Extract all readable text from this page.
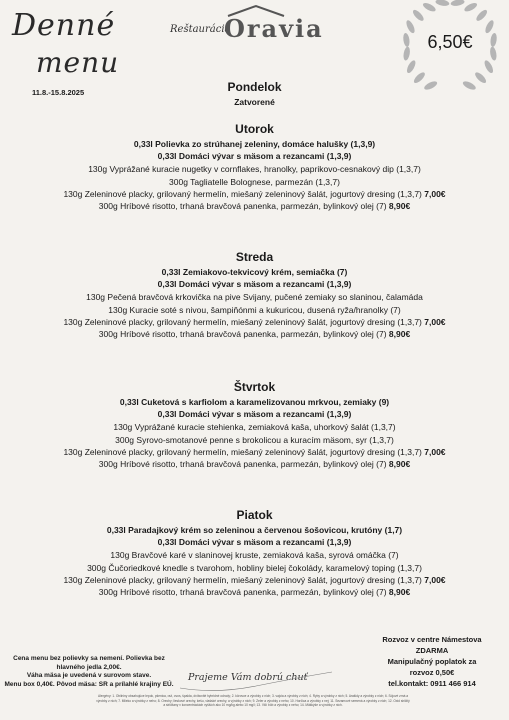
Denné
menu
11.8.-15.8.2025
Reštaurácia
Oravia	6,50€
Pondelok
Zatvorené
Utorok
0,33l Polievka zo strúhanej zeleniny, domáce halušky (1,3,9)
0,33l Domáci vývar s mäsom a rezancami (1,3,9)
130g Vyprážané kuracie nugetky v cornflakes, hranolky, paprikovo-cesnakový dip (1,3,7)
300g Tagliatelle Bolognese, parmezán (1,3,7)
130g Zeleninové placky, grilovaný hermelín, miešaný zeleninový šalát, jogurtový dresing (1,3,7) 7,00€
300g Hríbové risotto, trhaná bravčová panenka, parmezán, bylinkový olej (7) 8,90€
Streda
0,33l Zemiakovo-tekvicový krém, semiačka (7)
0,33l Domáci vývar s mäsom a rezancami (1,3,9)
130g Pečená bravčová krkovička na pive Svijany, pučené zemiaky so slaninou, čalamáda
130g Kuracie soté s nivou, šampiňónmi a kukuricou, dusená ryža/hranolky (7)
130g Zeleninové placky, grilovaný hermelín, miešaný zeleninový šalát, jogurtový dresing (1,3,7) 7,00€
300g Hríbové risotto, trhaná bravčová panenka, parmezán, bylinkový olej (7) 8,90€
Štvrtok
0,33l Cuketová s karfiolom a karamelizovanou mrkvou, zemiaky (9)
0,33l Domáci vývar s mäsom a rezancami (1,3,9)
130g Vyprážané kuracie stehienka, zemiaková kaša, uhorkový šalát (1,3,7)
300g Syrovo-smotanové penne s brokolicou a kuracím mäsom, syr (1,3,7)
130g Zeleninové placky, grilovaný hermelín, miešaný zeleninový šalát, jogurtový dresing (1,3,7) 7,00€
300g Hríbové risotto, trhaná bravčová panenka, parmezán, bylinkový olej (7) 8,90€
Piatok
0,33l Paradajkový krém so zeleninou a červenou šošovicou, krutóny (1,7)
0,33l Domáci vývar s mäsom a rezancami (1,3,9)
130g Bravčové karé v slaninovej kruste, zemiaková kaša, syrová omáčka (7)
300g Čučoriedkové knedle s tvarohom, hobliny bielej čokolády, karamelový toping (1,3,7)
130g Zeleninové placky, grilovaný hermelín, miešaný zeleninový šalát, jogurtový dresing (1,3,7) 7,00€
300g Hríbové risotto, trhaná bravčová panenka, parmezán, bylinkový olej (7) 8,90€
Cena menu bez polievky sa nemení. Polievka bez
hlavného jedla 2,00€.
Váha mäsa je uvedená v surovom stave.
Menu box 0,40€. Pôvod mäsa: SR a prílahlé krajiny EÚ.
Prajeme Vám dobrú chuť
Rozvoz v centre Námestova
ZDARMA
Manipulačný poplatok za
rozvoz 0,50€
tel.kontakt: 0911 466 914
Alergény: 1. Obilniny obsahujúce lepok, pšenica, raž, ovos, špalda, dvíbovité hybridné odrody; 2. kôrovce a výrobky z nich; 3. vajcia a výrobky z nich; 4. Ryby a výrobky z nich; 5. Arašidy a výrobky z nich; 6. Sójové zrná a výrobky z nich; 7. Mlieko a výrobky z neho; 8. Orechy; lieskové orechy, kešu, vlašské orechy, a výrobky z nich; 9. Zeler a výrobky z neho; 10. Horčica a výrobky z nej; 11. Sezamové semená a výrobky z nich; 12. Oxid siričitý a siričitany v koncentráciách vyšších ako 10 mg/kg alebo 10 mg/l; 13. Vlčí bôb a výrobky z neho; 14. Mäkkýše a výrobky z nich.
